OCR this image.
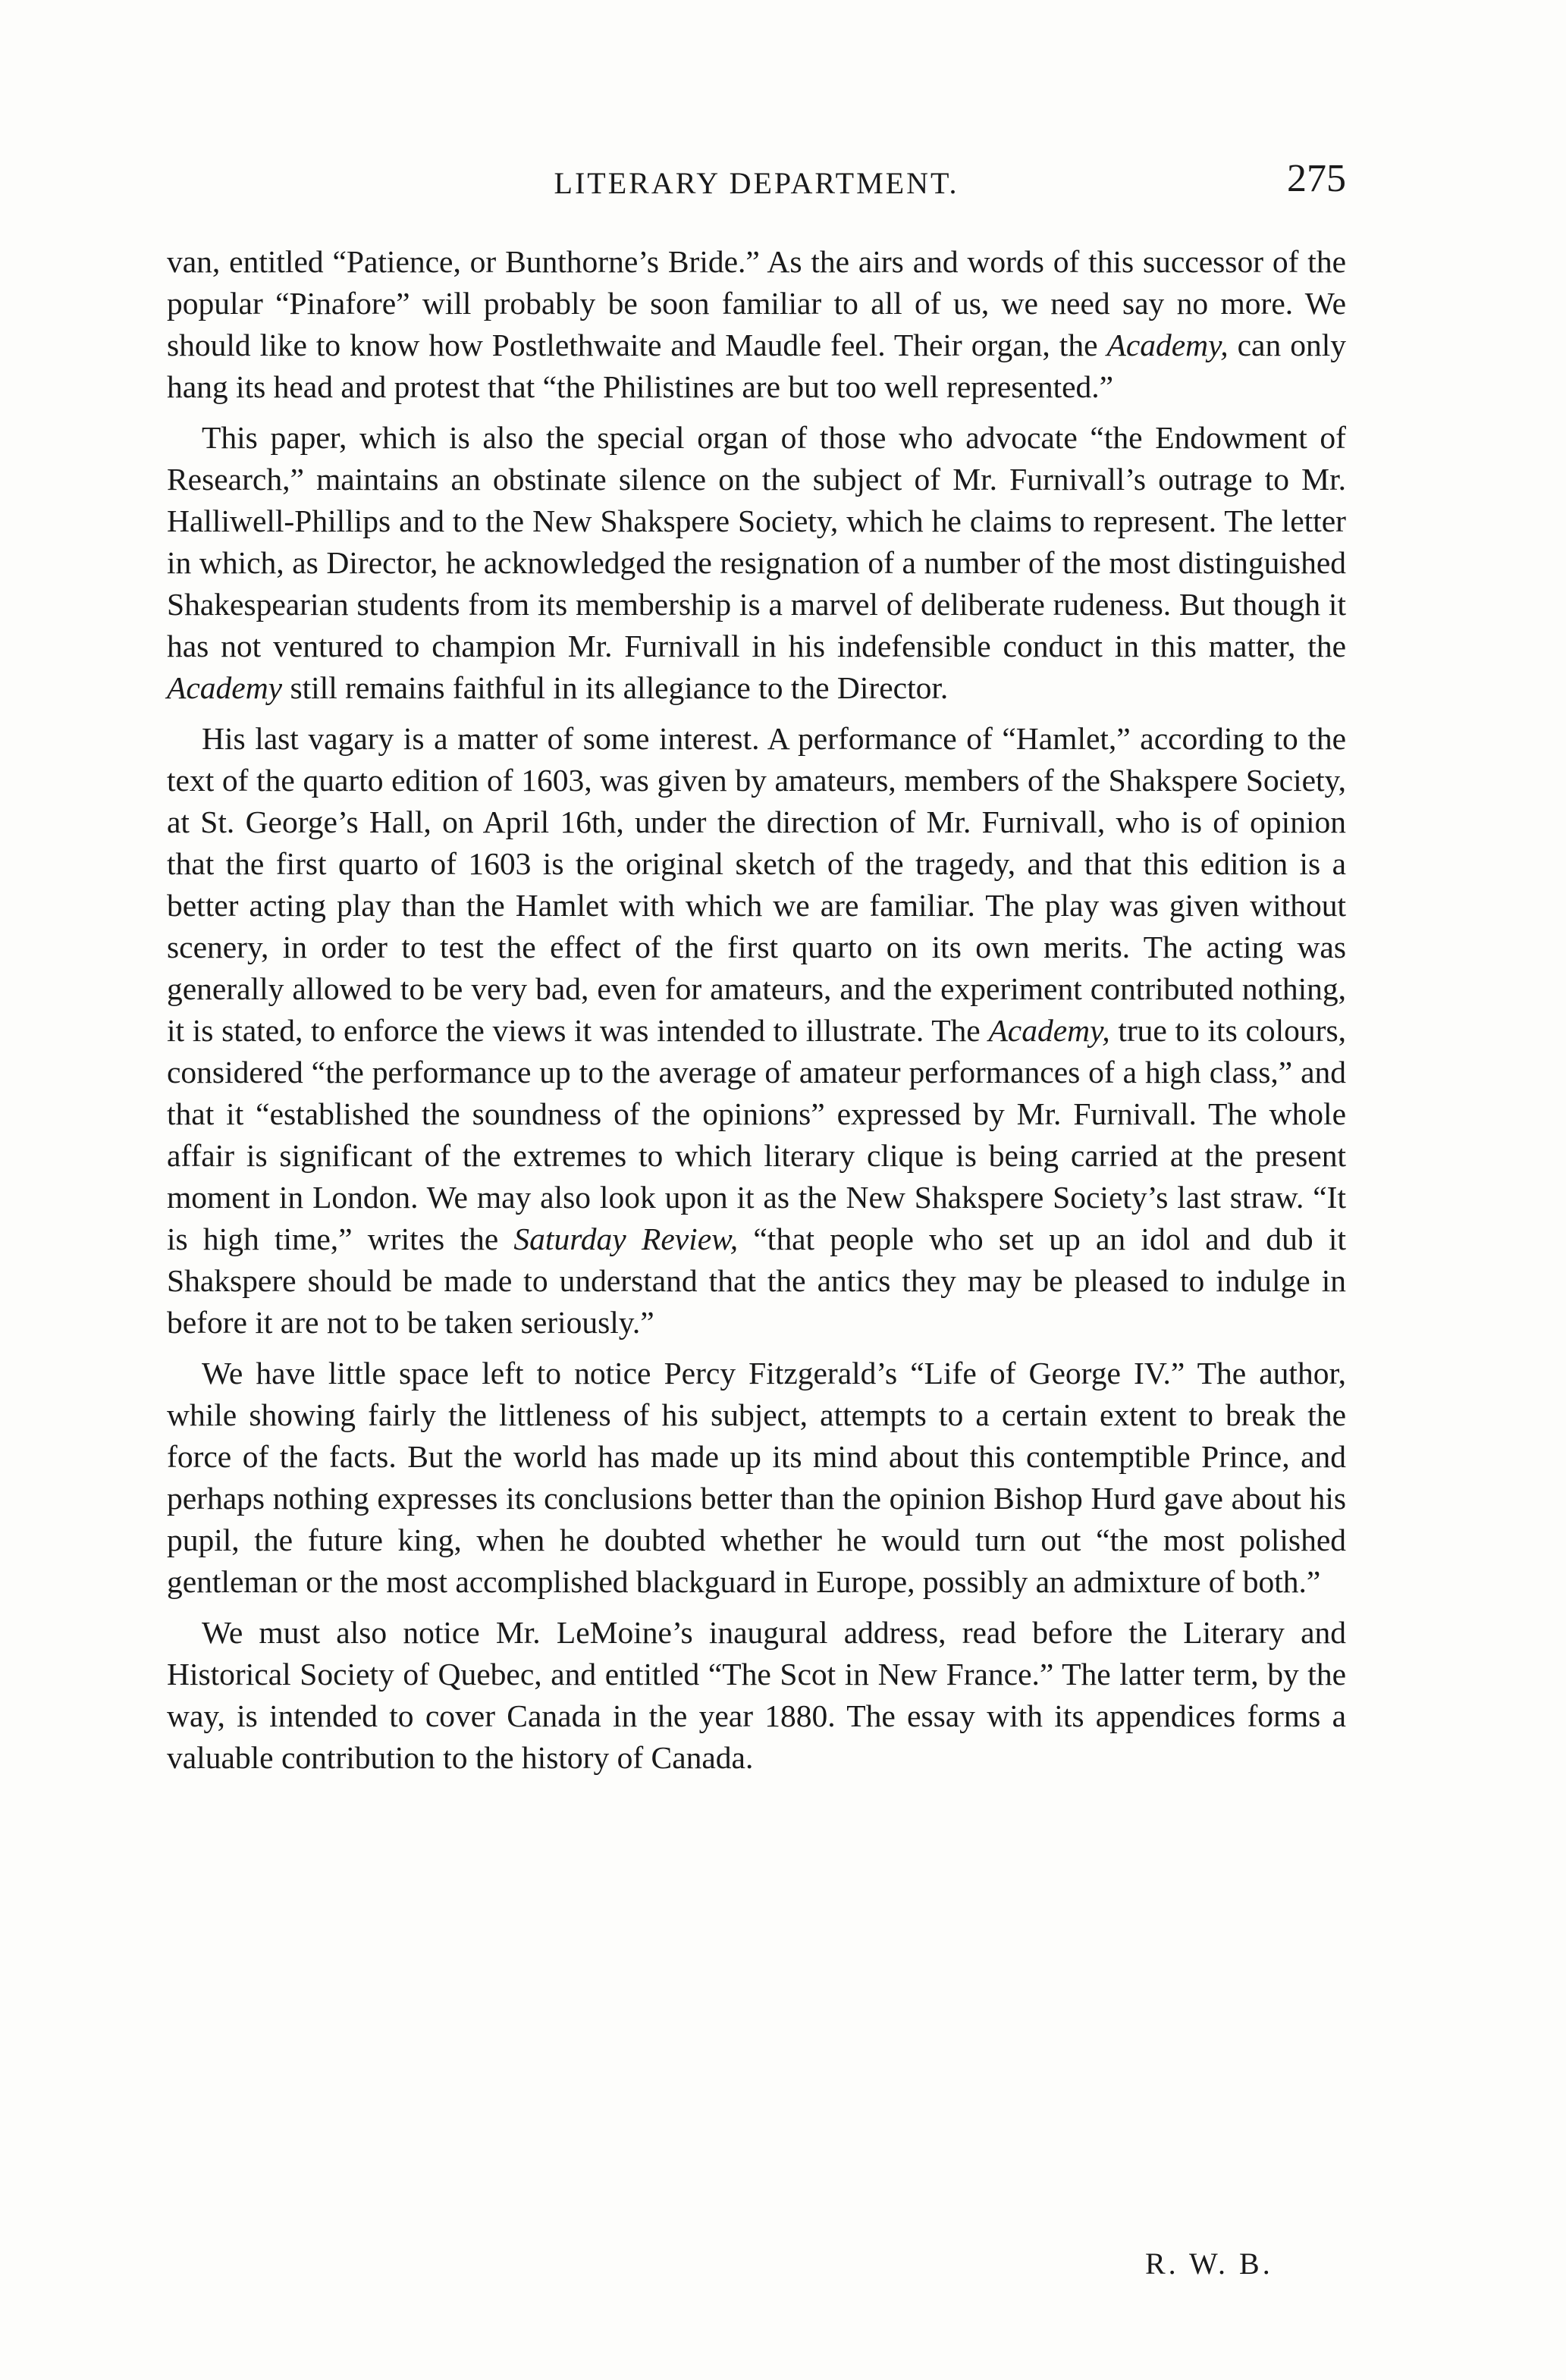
LITERARY DEPARTMENT.	275

van, entitled “Patience, or Bunthorne’s Bride.” As the airs and words of this successor of the popular “Pinafore” will probably be soon familiar to all of us, we need say no more. We should like to know how Postlethwaite and Maudle feel. Their organ, the Academy, can only hang its head and protest that “the Philistines are but too well represented.”

This paper, which is also the special organ of those who advocate “the Endowment of Research,” maintains an obstinate silence on the subject of Mr. Furnivall’s outrage to Mr. Halliwell-Phillips and to the New Shakspere Society, which he claims to represent. The letter in which, as Director, he acknowledged the resignation of a number of the most distinguished Shakespearian students from its membership is a marvel of deliberate rudeness. But though it has not ventured to champion Mr. Furnivall in his indefensible conduct in this matter, the Academy still remains faithful in its allegiance to the Director.

His last vagary is a matter of some interest. A performance of “Hamlet,” according to the text of the quarto edition of 1603, was given by amateurs, members of the Shakspere Society, at St. George’s Hall, on April 16th, under the direction of Mr. Furnivall, who is of opinion that the first quarto of 1603 is the original sketch of the tragedy, and that this edition is a better acting play than the Hamlet with which we are familiar. The play was given without scenery, in order to test the effect of the first quarto on its own merits. The acting was generally allowed to be very bad, even for amateurs, and the experiment contributed nothing, it is stated, to enforce the views it was intended to illustrate. The Academy, true to its colours, considered “the performance up to the average of amateur performances of a high class,” and that it “established the soundness of the opinions” expressed by Mr. Furnivall. The whole affair is significant of the extremes to which literary clique is being carried at the present moment in London. We may also look upon it as the New Shakspere Society’s last straw. “It is high time,” writes the Saturday Review, “that people who set up an idol and dub it Shakspere should be made to understand that the antics they may be pleased to indulge in before it are not to be taken seriously.”

We have little space left to notice Percy Fitzgerald’s “Life of George IV.” The author, while showing fairly the littleness of his subject, attempts to a certain extent to break the force of the facts. But the world has made up its mind about this contemptible Prince, and perhaps nothing expresses its conclusions better than the opinion Bishop Hurd gave about his pupil, the future king, when he doubted whether he would turn out “the most polished gentleman or the most accomplished blackguard in Europe, possibly an admixture of both.”

We must also notice Mr. LeMoine’s inaugural address, read before the Literary and Historical Society of Quebec, and entitled “The Scot in New France.” The latter term, by the way, is intended to cover Canada in the year 1880. The essay with its appendices forms a valuable contribution to the history of Canada.

R. W. B.
